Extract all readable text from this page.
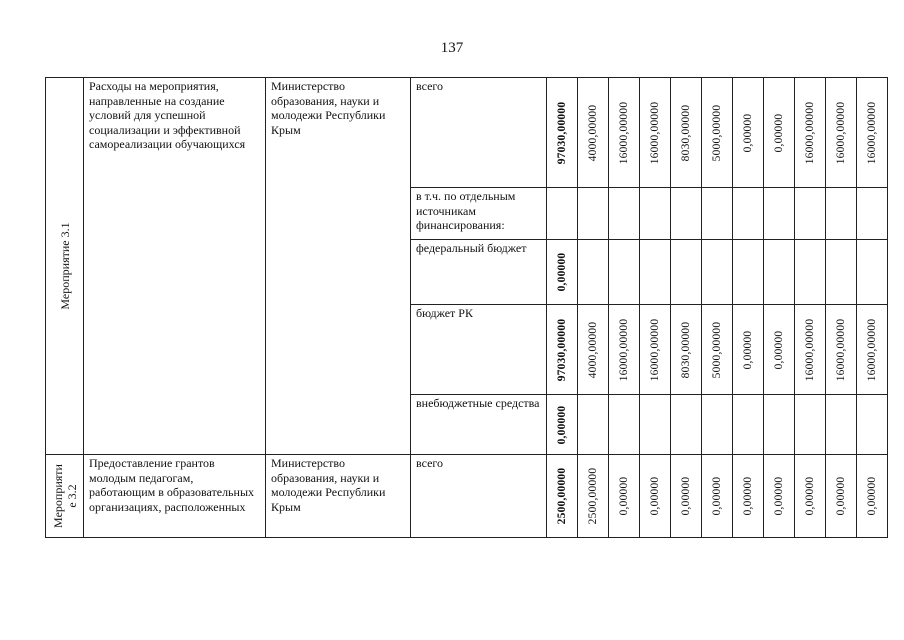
137
Мероприятие 3.1	Расходы на мероприятия, направленные на создание условий для успешной социализации и эффективной самореализации обучающихся	Министерство образования, науки и молодежи Республики Крым	всего	97030,00000	4000,00000	16000,00000	16000,00000	8030,00000	5000,00000	0,00000	0,00000	16000,00000	16000,00000	16000,00000

			в т.ч. по отдельным источникам финансирования:	

			федеральный бюджет	0,00000										

			бюджет РК	97030,00000	4000,00000	16000,00000	16000,00000	8030,00000	5000,00000	0,00000	0,00000	16000,00000	16000,00000	16000,00000

			внебюджетные средства	0,00000										

Мероприяти е 3.2	Предоставление грантов молодым педагогам, работающим в образовательных организациях, расположенных	Министерство образования, науки и молодежи Республики Крым	всего	2500,00000	2500,00000	0,00000	0,00000	0,00000	0,00000	0,00000	0,00000	0,00000	0,00000	0,00000
